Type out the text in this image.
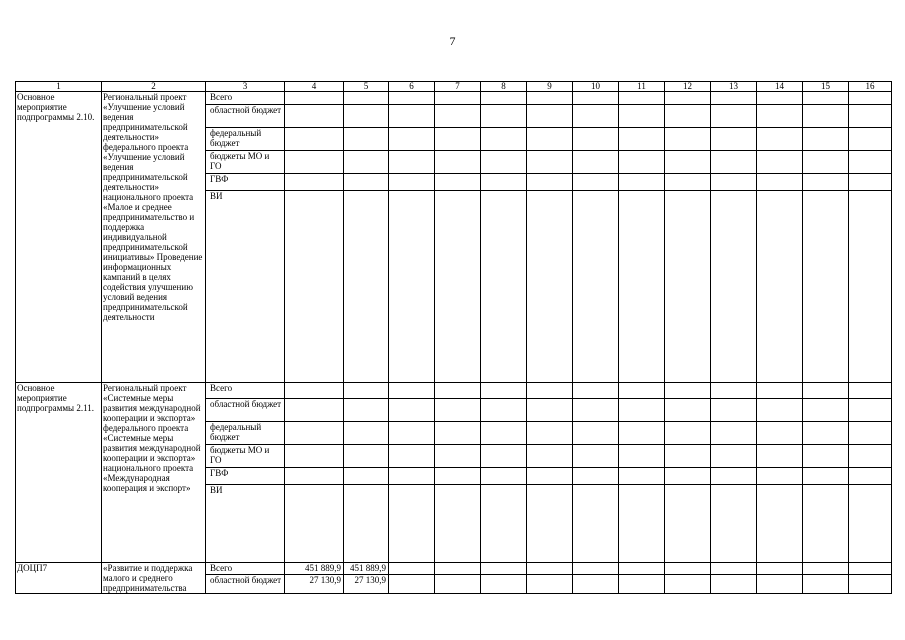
7
1	2	3	4	5	6	7	8	9	10	11	12	13	14	15	16
Основное мероприятие подпрограммы 2.10.	Региональный проект «Улучшение условий ведения предпринимательской деятельности» федерального проекта «Улучшение условий ведения предпринимательской деятельности» национального проекта «Малое и среднее предпринимательство и поддержка индивидуальной предпринимательской инициативы» Проведение информационных кампаний в целях содействия улучшению условий ведения предпринимательской деятельности	Всего													
		областной бюджет													
		федеральный бюджет													
		бюджеты МО и ГО													
		ГВФ													
		ВИ													
Основное мероприятие подпрограммы 2.11.	Региональный проект «Системные меры развития международной кооперации и экспорта» федерального проекта «Системные меры развития международной кооперации и экспорта» национального проекта «Международная кооперация и экспорт»	Всего													
		областной бюджет													
		федеральный бюджет													
		бюджеты МО и ГО													
		ГВФ													
		ВИ													
ДОЦП7	«Развитие и поддержка малого и среднего предпринимательства	Всего	451 889,9	451 889,9											
		областной бюджет	27 130,9	27 130,9											
